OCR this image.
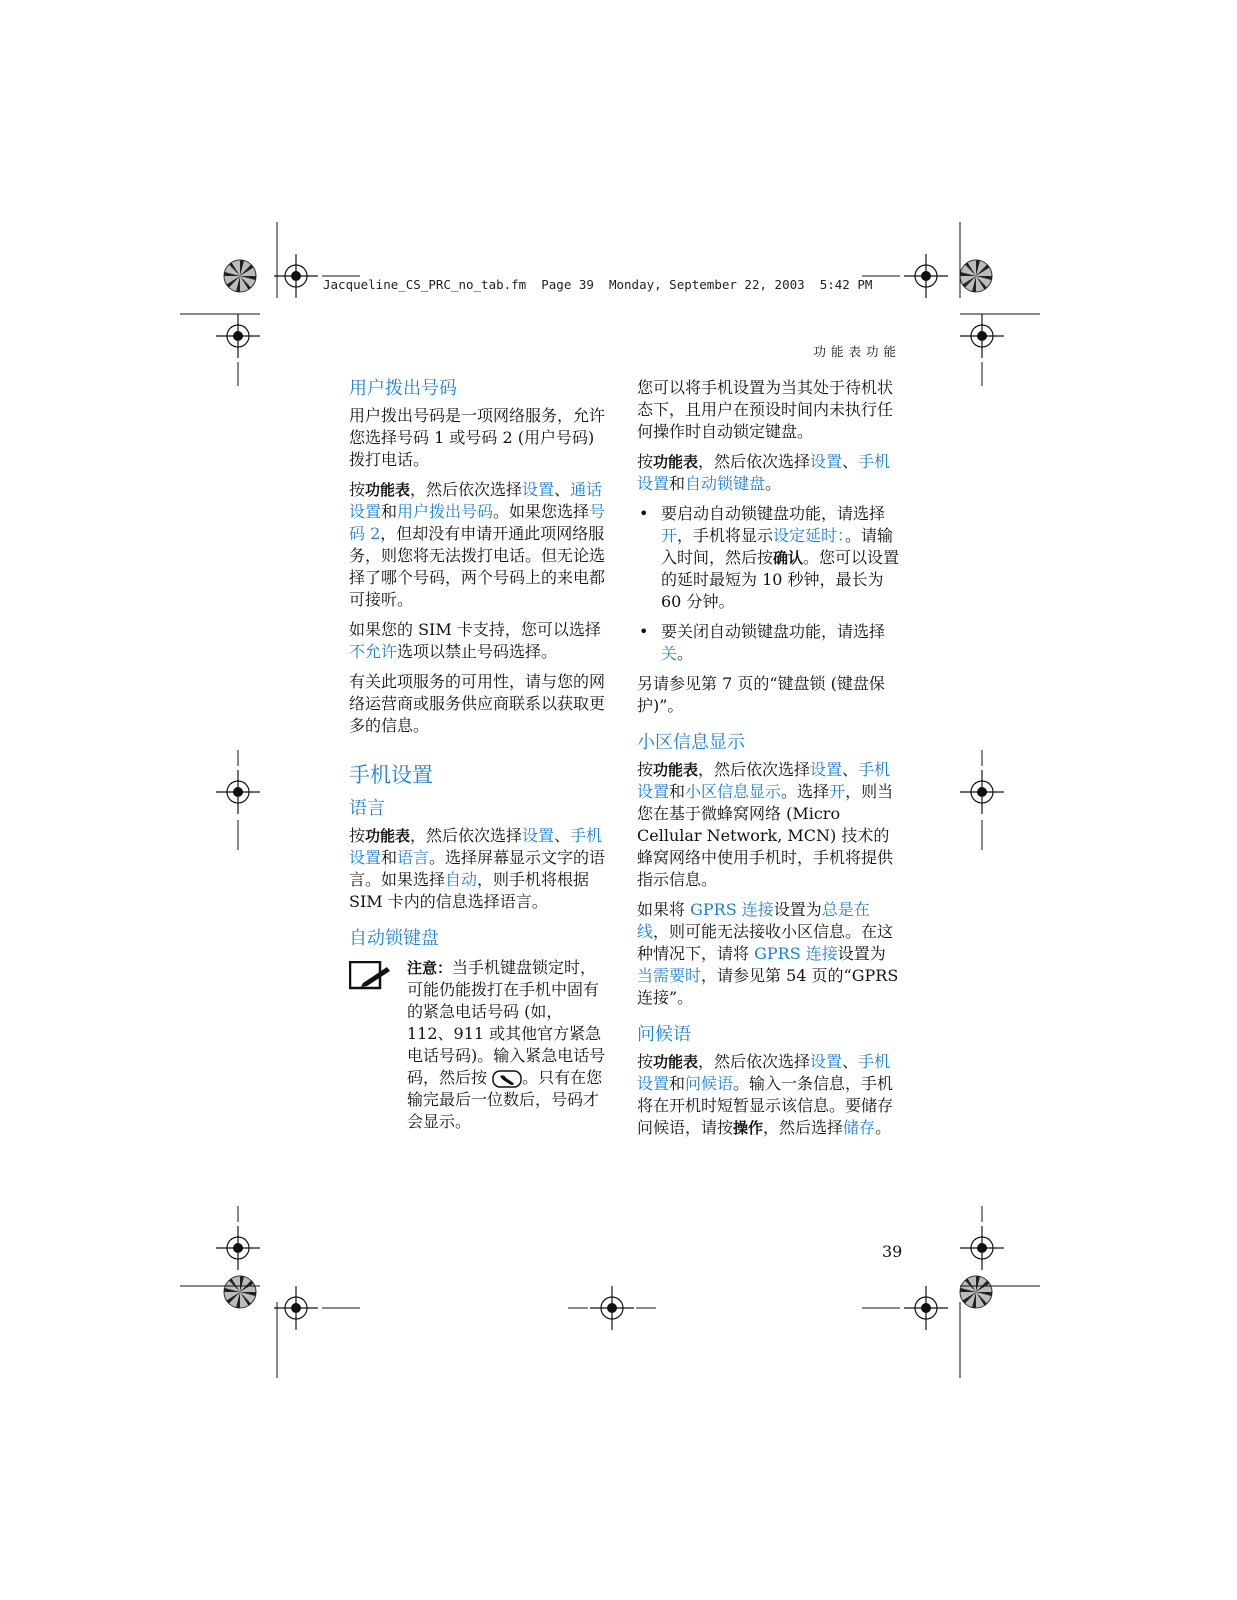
Jacqueline_CS_PRC_no_tab.fm  Page 39  Monday, September 22, 2003  5:42 PM
功能表功能
用户拨出号码

用户拨出号码是一项网络服务，允许您选择号码 1 或号码 2 (用户号码) 拨打电话。

按功能表，然后依次选择设置、通话设置和用户拨出号码。如果您选择号码 2，但却没有申请开通此项网络服务，则您将无法拨打电话。但无论选择了哪个号码，两个号码上的来电都可接听。

如果您的 SIM 卡支持，您可以选择不允许选项以禁止号码选择。

有关此项服务的可用性，请与您的网络运营商或服务供应商联系以获取更多的信息。

手机设置
语言

按功能表，然后依次选择设置、手机设置和语言。选择屏幕显示文字的语言。如果选择自动，则手机将根据 SIM 卡内的信息选择语言。

自动锁键盘
注意：当手机键盘锁定时，可能仍能拨打在手机中固有的紧急电话号码 (如，112、911 或其他官方紧急电话号码)。输入紧急电话号码，然后按 。只有在您输完最后一位数后，号码才会显示。

您可以将手机设置为当其处于待机状态下，且用户在预设时间内未执行任何操作时自动锁定键盘。

按功能表，然后依次选择设置、手机设置和自动锁键盘。

• 要启动自动锁键盘功能，请选择开，手机将显示设定延时：。请输入时间，然后按确认。您可以设置的延时最短为 10 秒钟，最长为 60 分钟。
• 要关闭自动锁键盘功能，请选择关。

另请参见第 7 页的“键盘锁 (键盘保护)”。

小区信息显示

按功能表，然后依次选择设置、手机设置和小区信息显示。选择开，则当您在基于微蜂窝网络 (Micro Cellular Network, MCN) 技术的蜂窝网络中使用手机时，手机将提供指示信息。

如果将 GPRS 连接设置为总是在线，则可能无法接收小区信息。在这种情况下，请将 GPRS 连接设置为当需要时，请参见第 54 页的“GPRS 连接”。

问候语

按功能表，然后依次选择设置、手机设置和问候语。输入一条信息，手机将在开机时短暂显示该信息。要储存问候语，请按操作，然后选择储存。

39
